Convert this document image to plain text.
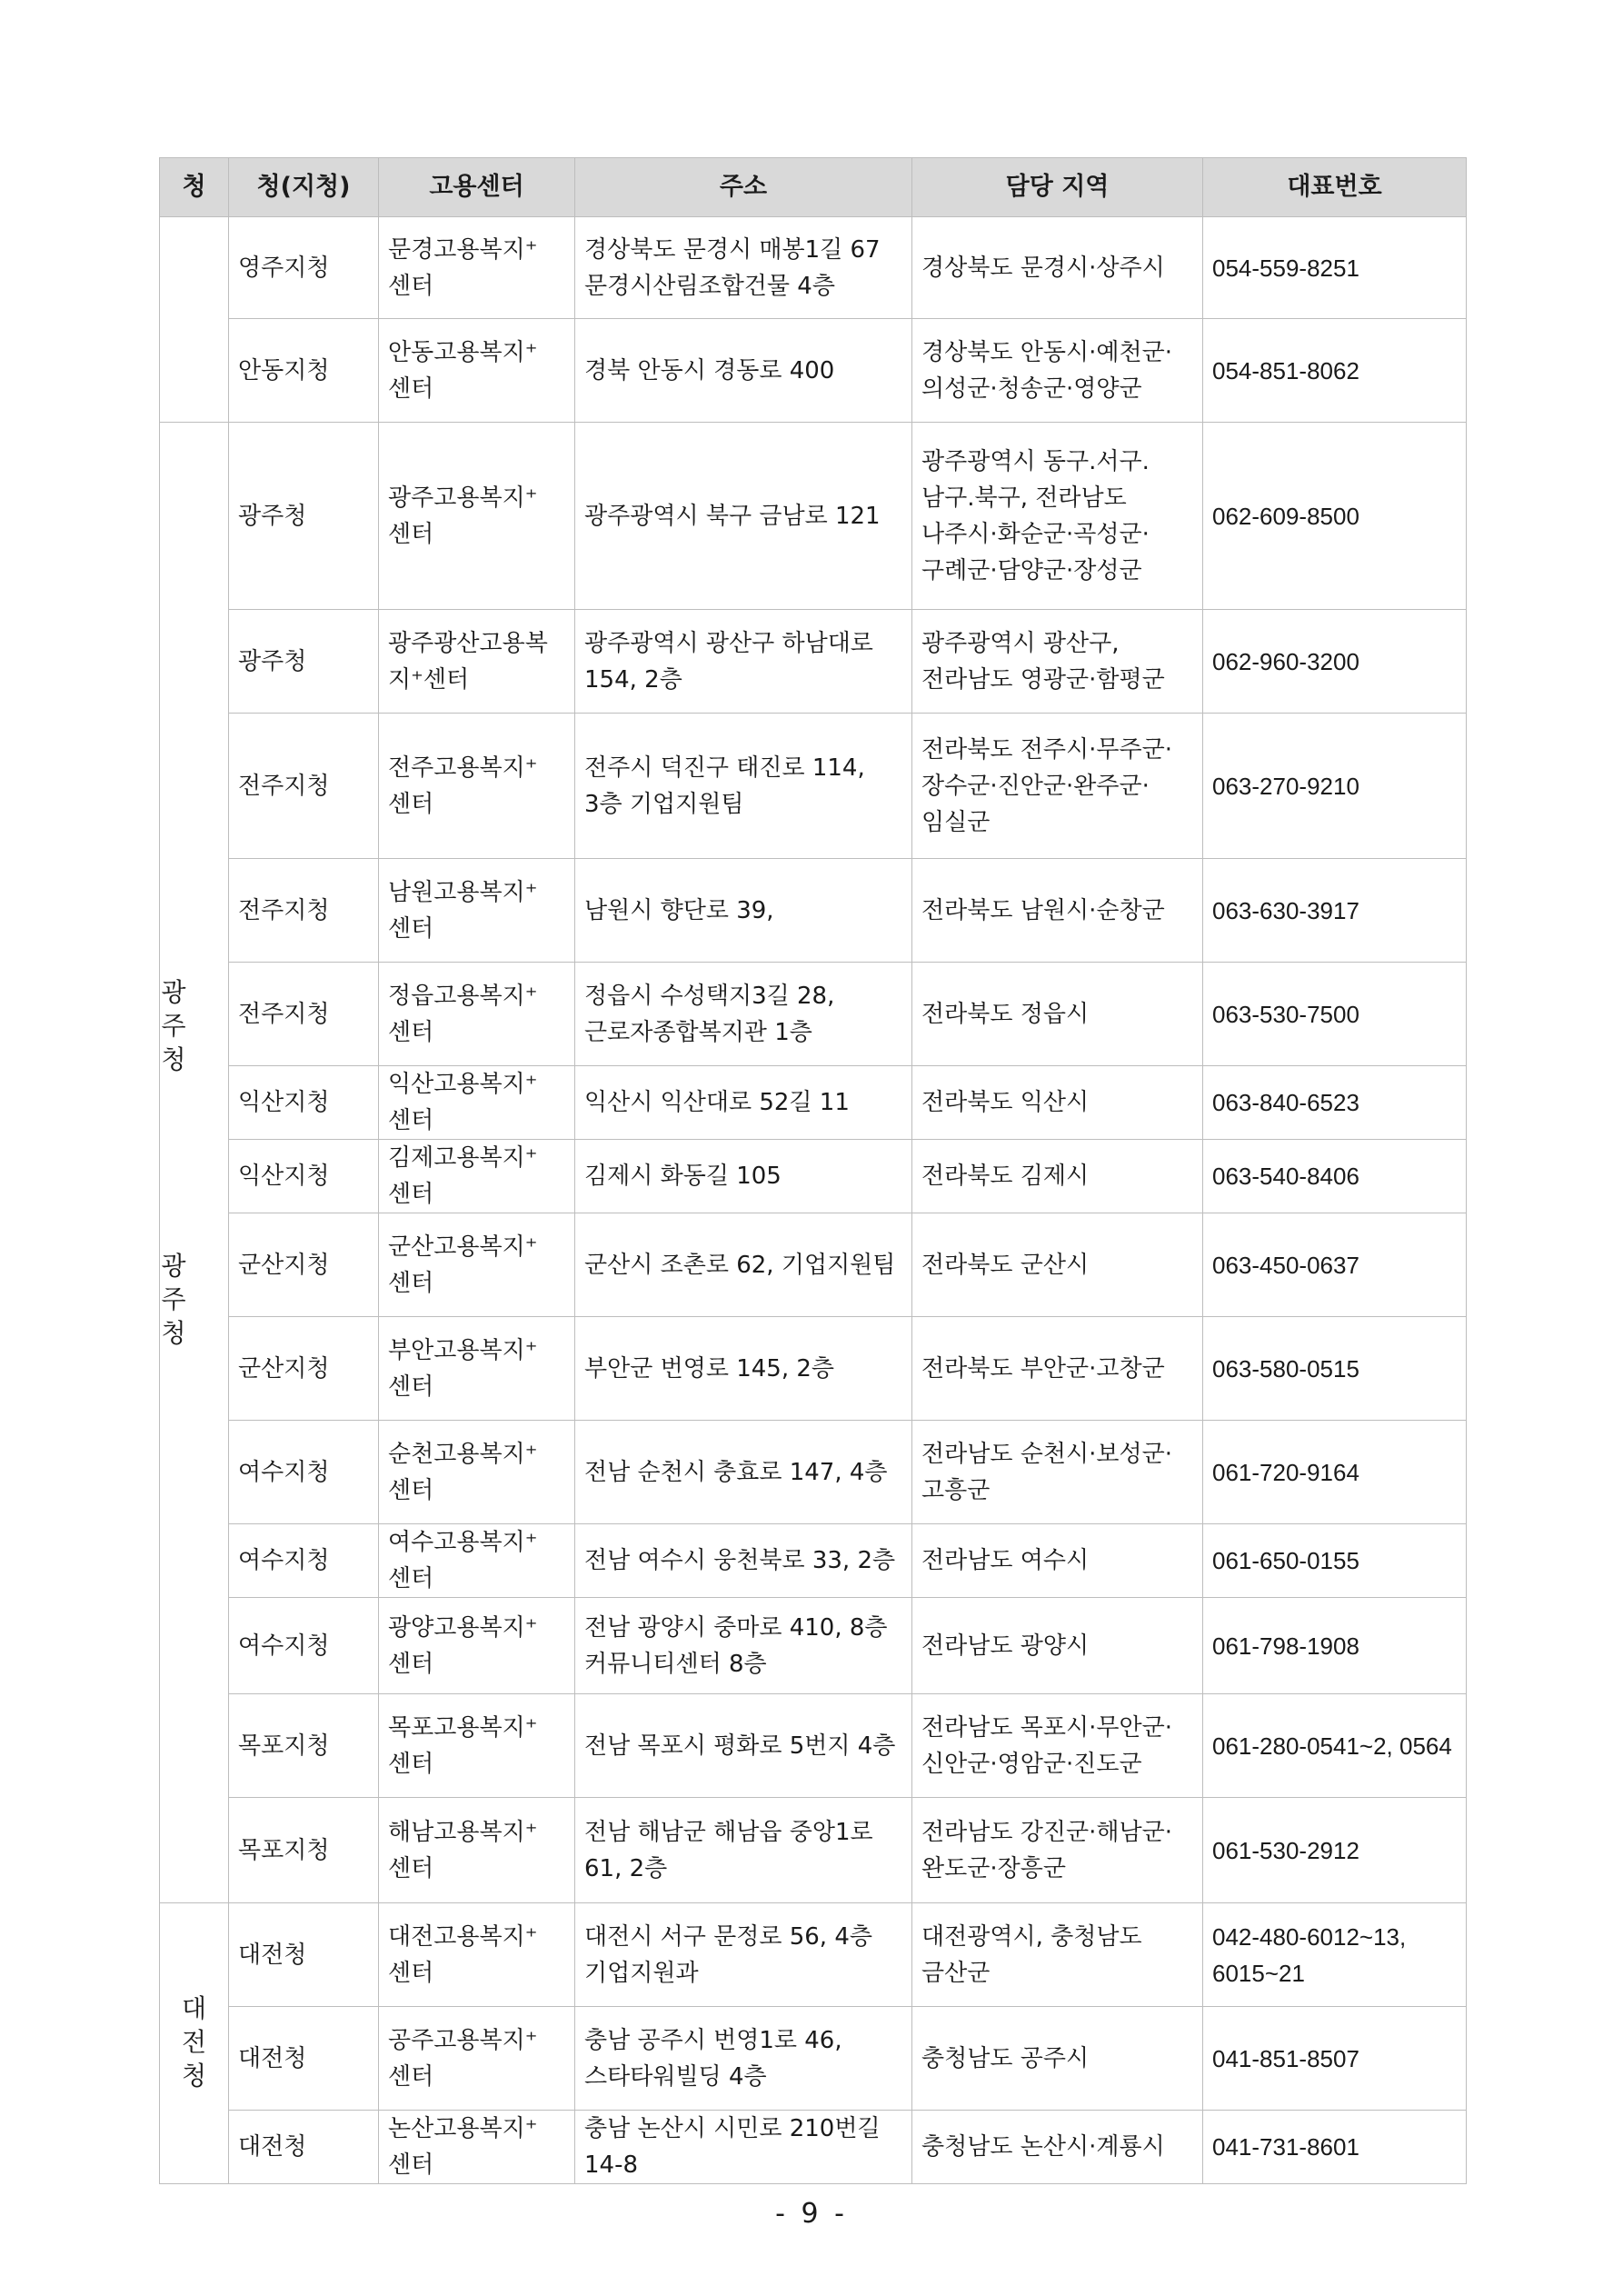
청	청(지청)	고용센터	주소	담당 지역	대표번호
	영주지청	문경고용복지⁺센터	경상북도 문경시 매봉1길 67 문경시산림조합건물 4층	경상북도 문경시·상주시	054-559-8251
	안동지청	안동고용복지⁺센터	경북 안동시 경동로 400	경상북도 안동시·예천군·의성군·청송군·영양군	054-851-8062

광주청
광주청	광주청	광주고용복지⁺센터	광주광역시 북구 금남로 121	광주광역시 동구.서구.남구.북구, 전라남도 나주시·화순군·곡성군·구례군·담양군·장성군	062-609-8500
	광주청	광주광산고용복지⁺센터	광주광역시 광산구 하남대로 154, 2층	광주광역시 광산구, 전라남도 영광군·함평군	062-960-3200
	전주지청	전주고용복지⁺센터	전주시 덕진구 태진로 114, 3층 기업지원팀	전라북도 전주시·무주군·장수군·진안군·완주군·임실군	063-270-9210
	전주지청	남원고용복지⁺센터	남원시 향단로 39,	전라북도 남원시·순창군	063-630-3917
	전주지청	정읍고용복지⁺센터	정읍시 수성택지3길 28, 근로자종합복지관 1층	전라북도 정읍시	063-530-7500
	익산지청	익산고용복지⁺센터	익산시 익산대로 52길 11	전라북도 익산시	063-840-6523
	익산지청	김제고용복지⁺센터	김제시 화동길 105	전라북도 김제시	063-540-8406
	군산지청	군산고용복지⁺센터	군산시 조촌로 62, 기업지원팀	전라북도 군산시	063-450-0637
	군산지청	부안고용복지⁺센터	부안군 번영로 145, 2층	전라북도 부안군·고창군	063-580-0515
	여수지청	순천고용복지⁺센터	전남 순천시 충효로 147, 4층	전라남도 순천시·보성군·고흥군	061-720-9164
	여수지청	여수고용복지⁺센터	전남 여수시 웅천북로 33, 2층	전라남도 여수시	061-650-0155
	여수지청	광양고용복지⁺센터	전남 광양시 중마로 410, 8층 커뮤니티센터 8층	전라남도 광양시	061-798-1908
	목포지청	목포고용복지⁺센터	전남 목포시 평화로 5번지 4층	전라남도 목포시·무안군·신안군·영암군·진도군	061-280-0541~2, 0564
	목포지청	해남고용복지⁺센터	전남 해남군 해남읍 중앙1로 61, 2층	전라남도 강진군·해남군·완도군·장흥군	061-530-2912
대전청	대전청	대전고용복지⁺센터	대전시 서구 문정로 56, 4층 기업지원과	대전광역시, 충청남도 금산군	042-480-6012~13, 6015~21
	대전청	공주고용복지⁺센터	충남 공주시 번영1로 46, 스타타워빌딩 4층	충청남도 공주시	041-851-8507
	대전청	논산고용복지⁺센터	충남 논산시 시민로 210번길 14-8	충청남도 논산시·계룡시	041-731-8601
- 9 -
